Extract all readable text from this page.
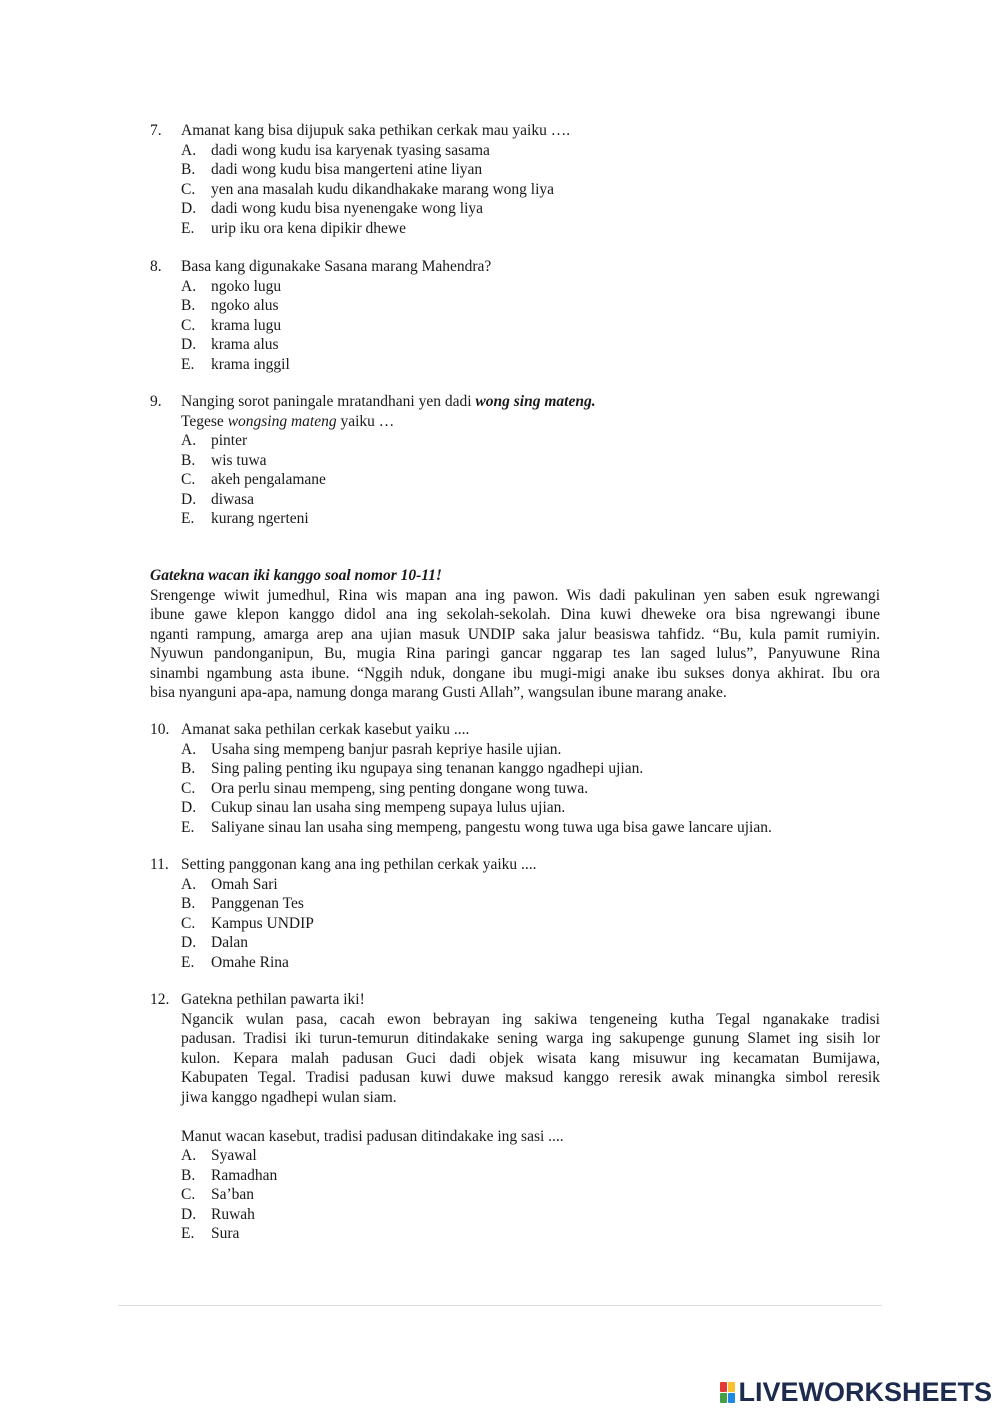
7.	Amanat kang bisa dijupuk saka pethikan cerkak mau yaiku ….
A. dadi wong kudu isa karyenak tyasing sasama
B.	dadi wong kudu bisa mangerteni atine liyan
C.	yen ana masalah kudu dikandhakake marang wong liya
D. dadi wong kudu bisa nyenengake wong liya
E.	urip iku ora kena dipikir dhewe
8.	Basa kang digunakake Sasana marang Mahendra?
A. ngoko lugu
B.	ngoko alus
C.	krama lugu
D. krama alus
E.	krama inggil
9.	Nanging sorot paningale mratandhani yen dadi wong sing mateng.
Tegese wongsing mateng yaiku …
A. pinter
B.	wis tuwa
C.	akeh pengalamane
D. diwasa
E.	kurang ngerteni
Gatekna wacan iki kanggo soal nomor 10-11!
Srengenge wiwit jumedhul, Rina wis mapan ana ing pawon. Wis dadi pakulinan yen saben esuk ngrewangi
ibune gawe klepon kanggo didol ana ing sekolah-sekolah. Dina kuwi dheweke ora bisa ngrewangi ibune
nganti rampung, amarga arep ana ujian masuk UNDIP saka jalur beasiswa tahfidz. “Bu, kula pamit rumiyin.
Nyuwun pandonganipun, Bu, mugia Rina paringi gancar nggarap tes lan saged lulus”, Panyuwune Rina
sinambi ngambung asta ibune. “Nggih nduk, dongane ibu mugi-migi anake ibu sukses donya akhirat. Ibu ora
bisa nyanguni apa-apa, namung donga marang Gusti Allah”, wangsulan ibune marang anake.
10. Amanat saka pethilan cerkak kasebut yaiku ....
A. Usaha sing mempeng banjur pasrah kepriye hasile ujian.
B.	Sing paling penting iku ngupaya sing tenanan kanggo ngadhepi ujian.
C.	Ora perlu sinau mempeng, sing penting dongane wong tuwa.
D. Cukup sinau lan usaha sing mempeng supaya lulus ujian.
E.	Saliyane sinau lan usaha sing mempeng, pangestu wong tuwa uga bisa gawe lancare ujian.
11. Setting panggonan kang ana ing pethilan cerkak yaiku ....
A. Omah Sari
B.	Panggenan Tes
C.	Kampus UNDIP
D. Dalan
E.	Omahe Rina
12. Gatekna pethilan pawarta iki!
Ngancik wulan pasa, cacah ewon bebrayan ing sakiwa tengeneing kutha Tegal nganakake tradisi
padusan. Tradisi iki turun-temurun ditindakake sening warga ing sakupenge gunung Slamet ing sisih lor
kulon. Kepara malah padusan Guci dadi objek wisata kang misuwur ing kecamatan Bumijawa,
Kabupaten Tegal. Tradisi padusan kuwi duwe maksud kanggo reresik awak minangka simbol reresik
jiwa kanggo ngadhepi wulan siam.
Manut wacan kasebut, tradisi padusan ditindakake ing sasi ....
A. Syawal
B.	Ramadhan
C.	Sa’ban
D. Ruwah
E.	Sura
LIVEWORKSHEETS
